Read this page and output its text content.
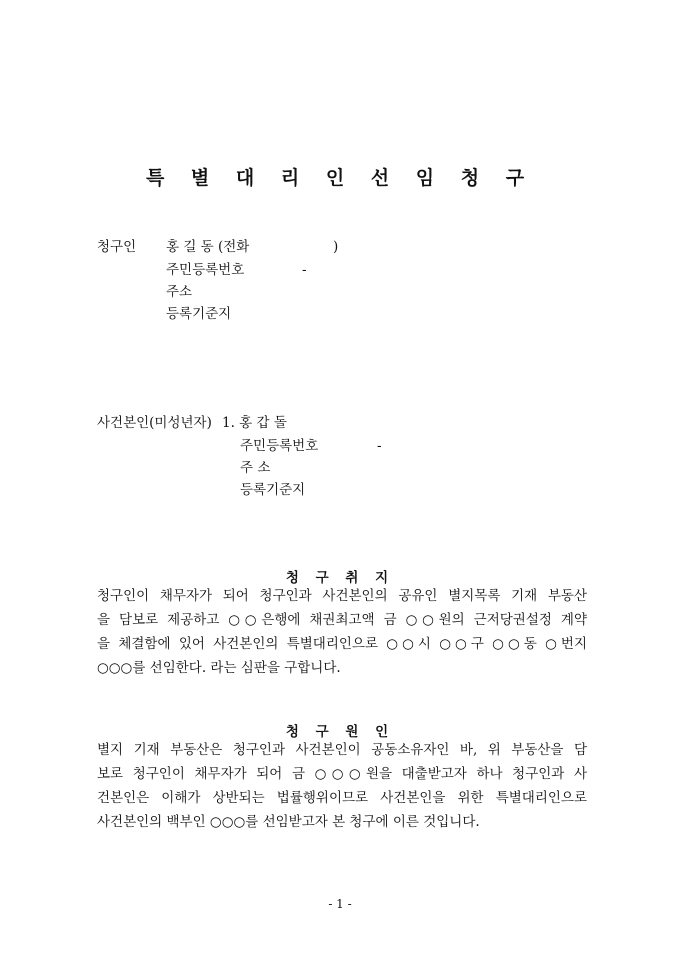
특 별 대 리 인 선 임 청 구
청구인 홍 길 동 (전화	)
주민등록번호	-
주소
등록기준지
사건본인(미성년자) 1. 홍 갑 돌
주민등록번호	-
주 소
등록기준지
청 구 취 지
청구인이 채무자가 되어 청구인과 사건본인의 공유인 별지목록 기재 부동산
을 담보로 제공하고 ○○은행에 채권최고액 금 ○○원의 근저당권설정 계약
을 체결함에 있어 사건본인의 특별대리인으로 ○○시 ○○구 ○○동 ○번지
○○○를 선임한다. 라는 심판을 구합니다.
청 구 원 인
별지 기재 부동산은 청구인과 사건본인이 공동소유자인 바, 위 부동산을 담
보로 청구인이 채무자가 되어 금 ○○○원을 대출받고자 하나 청구인과 사
건본인은 이해가 상반되는 법률행위이므로 사건본인을 위한 특별대리인으로
사건본인의 백부인 ○○○를 선임받고자 본 청구에 이른 것입니다.
- 1 -
